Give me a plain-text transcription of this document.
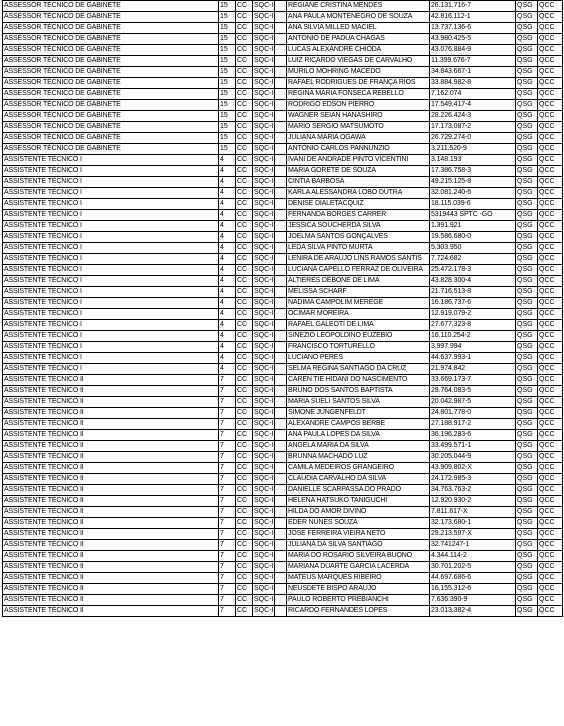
ASSESSOR TÉCNICO DE GABINETE	15	CC	SQC-I		REGIANE CRISTINA MENDES	26.131.716-7	QSG	QCC
ASSESSOR TÉCNICO DE GABINETE	15	CC	SQC-I		ANA PAULA MONTENEGRO DE SOUZA	42.816.112-1	QSG	QCC
ASSESSOR TÉCNICO DE GABINETE	15	CC	SQC-I		ANA SILVIA MILLED MACIEL	13.737.136-6	QSG	QCC
ASSESSOR TÉCNICO DE GABINETE	15	CC	SQC-I		ANTONIO DE PADUA CHAGAS	43.980.425-5	QSG	QCC
ASSESSOR TÉCNICO DE GABINETE	15	CC	SQC-I		LUCAS ALEXANDRE CHIODA	43.076.884-9	QSG	QCC
ASSESSOR TÉCNICO DE GABINETE	15	CC	SQC-I		LUIZ RICARDO VIEGAS DE CARVALHO	11.399.676-7	QSG	QCC
ASSESSOR TÉCNICO DE GABINETE	15	CC	SQC-I		MURILO MOHRING MACEDO	34.843.667-1	QSG	QCC
ASSESSOR TÉCNICO DE GABINETE	15	CC	SQC-I		RAFAEL RODRIGUES DE FRANÇA RIOS	33.884.982-8	QSG	QCC
ASSESSOR TÉCNICO DE GABINETE	15	CC	SQC-I		REGINA MARIA FONSECA REBELLO	7.162.074	QSG	QCC
ASSESSOR TÉCNICO DE GABINETE	15	CC	SQC-I		RODRIGO EDSON PIERRO	17.549.417-4	QSG	QCC
ASSESSOR TÉCNICO DE GABINETE	15	CC	SQC-I		WAGNER SEIAN HANASHIRO	28.226.424-3	QSG	QCC
ASSESSOR TÉCNICO DE GABINETE	15	CC	SQC-I		MARIO SERGIO MATSUMOTO	17.173.087-2	QSG	QCC
ASSESSOR TÉCNICO DE GABINETE	15	CC	SQC-I		JULIANA MARIA OGAWA	26.729.274-0	QSG	QCC
ASSESSOR TÉCNICO DE GABINETE	15	CC	SQC-I		ANTONIO CARLOS PANNUNZIO	3.211.520-9	QSG	QCC
ASSISTENTE TÉCNICO I	4	CC	SQC-I		IVANI DE ANDRADE PINTO VICENTINI	3.148.193	QSG	QCC
ASSISTENTE TÉCNICO I	4	CC	SQC-I		MARIA GORETE DE SOUZA	17.386.758-3	QSG	QCC
ASSISTENTE TÉCNICO I	4	CC	SQC-I		CINTIA BARBOSA	49.215.125-8	QSG	QCC
ASSISTENTE TÉCNICO I	4	CC	SQC-I		KARLA ALESSANDRA LOBO DUTRA	32.081.240-6	QSG	QCC
ASSISTENTE TÉCNICO I	4	CC	SQC-I		DENISE DIALETACQUIZ	18.115.039-6	QSG	QCC
ASSISTENTE TÉCNICO I	4	CC	SQC-I		FERNANDA BORGES CARRER	5319443 SPTC -GO	QSG	QCC
ASSISTENTE TÉCNICO I	4	CC	SQC-I		JESSICA SOUCHERDA SILVA	1.391.921	QSG	QCC
ASSISTENTE TÉCNICO I	4	CC	SQC-I		JOELMA SANTOS GONÇALVES	19.586.680-0	QSG	QCC
ASSISTENTE TÉCNICO I	4	CC	SQC-I		LEDA SILVA PINTO MURTA	5.303.950	QSG	QCC
ASSISTENTE TÉCNICO I	4	CC	SQC-I		LENIRA DE ARAUJO LINS RAMOS SANTIS	7.724.682	QSG	QCC
ASSISTENTE TÉCNICO I	4	CC	SQC-I		LUCIANA CAPELLO FERRAZ DE OLIVEIRA	25.472.178-3	QSG	QCC
ASSISTENTE TÉCNICO I	4	CC	SQC-I		ALTIERES DEBONE DE LIMA	43.828.300-4	QSG	QCC
ASSISTENTE TÉCNICO I	4	CC	SQC-I		MELISSA SCHARF	21.716.513-8	QSG	QCC
ASSISTENTE TÉCNICO I	4	CC	SQC-I		NADIMA CAMPOLIM MEREGE	16.186.737-6	QSG	QCC
ASSISTENTE TÉCNICO I	4	CC	SQC-I		OCIMAR MOREIRA	12.919.079-2	QSG	QCC
ASSISTENTE TÉCNICO I	4	CC	SQC-I		RAFAEL GALEOTI DE LIMA	27.677.323-8	QSG	QCC
ASSISTENTE TÉCNICO I	4	CC	SQC-I		SINEZIO LEOPOLDINO EUZEBIO	16.110.254-2	QSG	QCC
ASSISTENTE TÉCNICO I	4	CC	SQC-I		FRANCISCO TORTURELLO	3.997.994	QSG	QCC
ASSISTENTE TÉCNICO I	4	CC	SQC-I		LUCIANO PERES	44.637.993-1	QSG	QCC
ASSISTENTE TÉCNICO I	4	CC	SQC-I		SELMA REGINA SANTIAGO DA CRUZ	21.974.842	QSG	QCC
ASSISTENTE TÉCNICO II	7	CC	SQC-I		CAREN TIE HIDANI DO NASCIMENTO	33.669.173-7	QSG	QCC
ASSISTENTE TÉCNICO II	7	CC	SQC-I		BRUNO DOS SANTOS BAPTISTA	29.764.083-5	QSG	QCC
ASSISTENTE TÉCNICO II	7	CC	SQC-I		MARIA SUELI SANTOS SILVA	20.042.987-5	QSG	QCC
ASSISTENTE TÉCNICO II	7	CC	SQC-I		SIMONE JUNGENFELDT	24.801.778-0	QSG	QCC
ASSISTENTE TÉCNICO II	7	CC	SQC-I		ALEXANDRE CAMPOS BERBE	27.188.917-2	QSG	QCC
ASSISTENTE TÉCNICO II	7	CC	SQC-I		ANA PAULA LOPES DA SILVA	36.196.283-6	QSG	QCC
ASSISTENTE TÉCNICO II	7	CC	SQC-I		ANGELA MARIA DA SILVA	33.499.571-1	QSG	QCC
ASSISTENTE TÉCNICO II	7	CC	SQC-I		BRUNNA MACHADO LUZ	30.205.044-9	QSG	QCC
ASSISTENTE TÉCNICO II	7	CC	SQC-I		CAMILA MEDEIROS GRANGEIRO	43.909.802-X	QSG	QCC
ASSISTENTE TÉCNICO II	7	CC	SQC-I		CLAUDIA CARVALHO DA SILVA	24.172.985-3	QSG	QCC
ASSISTENTE TÉCNICO II	7	CC	SQC-I		DANIELLE SCARPASSA DO PRADO	34.763.763-2	QSG	QCC
ASSISTENTE TÉCNICO II	7	CC	SQC-I		HELENA HATSUKO TANIGUCHI	12.920.930-2	QSG	QCC
ASSISTENTE TÉCNICO II	7	CC	SQC-I		HILDA DO AMOR DIVINO	7.811.617-X	QSG	QCC
ASSISTENTE TÉCNICO II	7	CC	SQC-I		EDER NUNES SOUZA	32.173.680-1	QSG	QCC
ASSISTENTE TÉCNICO II	7	CC	SQC-I		JOSE FERREIRA VIEIRA NETO	29.213.597-X	QSG	QCC
ASSISTENTE TÉCNICO II	7	CC	SQC-I		JULIANA DA SILVA SANTIAGO	32.741247-1	QSG	QCC
ASSISTENTE TÉCNICO II	7	CC	SQC-I		MARIA DO ROSARIO SILVEIRA BUONO	4.344.114-2	QSG	QCC
ASSISTENTE TÉCNICO II	7	CC	SQC-I		MARIANA DUARTE GARCIA LACERDA	30.701.202-5	QSG	QCC
ASSISTENTE TÉCNICO II	7	CC	SQC-I		MATEUS MARQUES RIBEIRO	44.697.686-6	QSG	QCC
ASSISTENTE TÉCNICO II	7	CC	SQC-I		NEUSDETE BISPO ARAUJO	16.155.312-6	QSG	QCC
ASSISTENTE TÉCNICO II	7	CC	SQC-I		PAULO ROBERTO PREBIANCHI	7.636.390-9	QSG	QCC
ASSISTENTE TÉCNICO II	7	CC	SQC-I		RICARDO FERNANDES LOPES	23.013.382-4	QSG	QCC
